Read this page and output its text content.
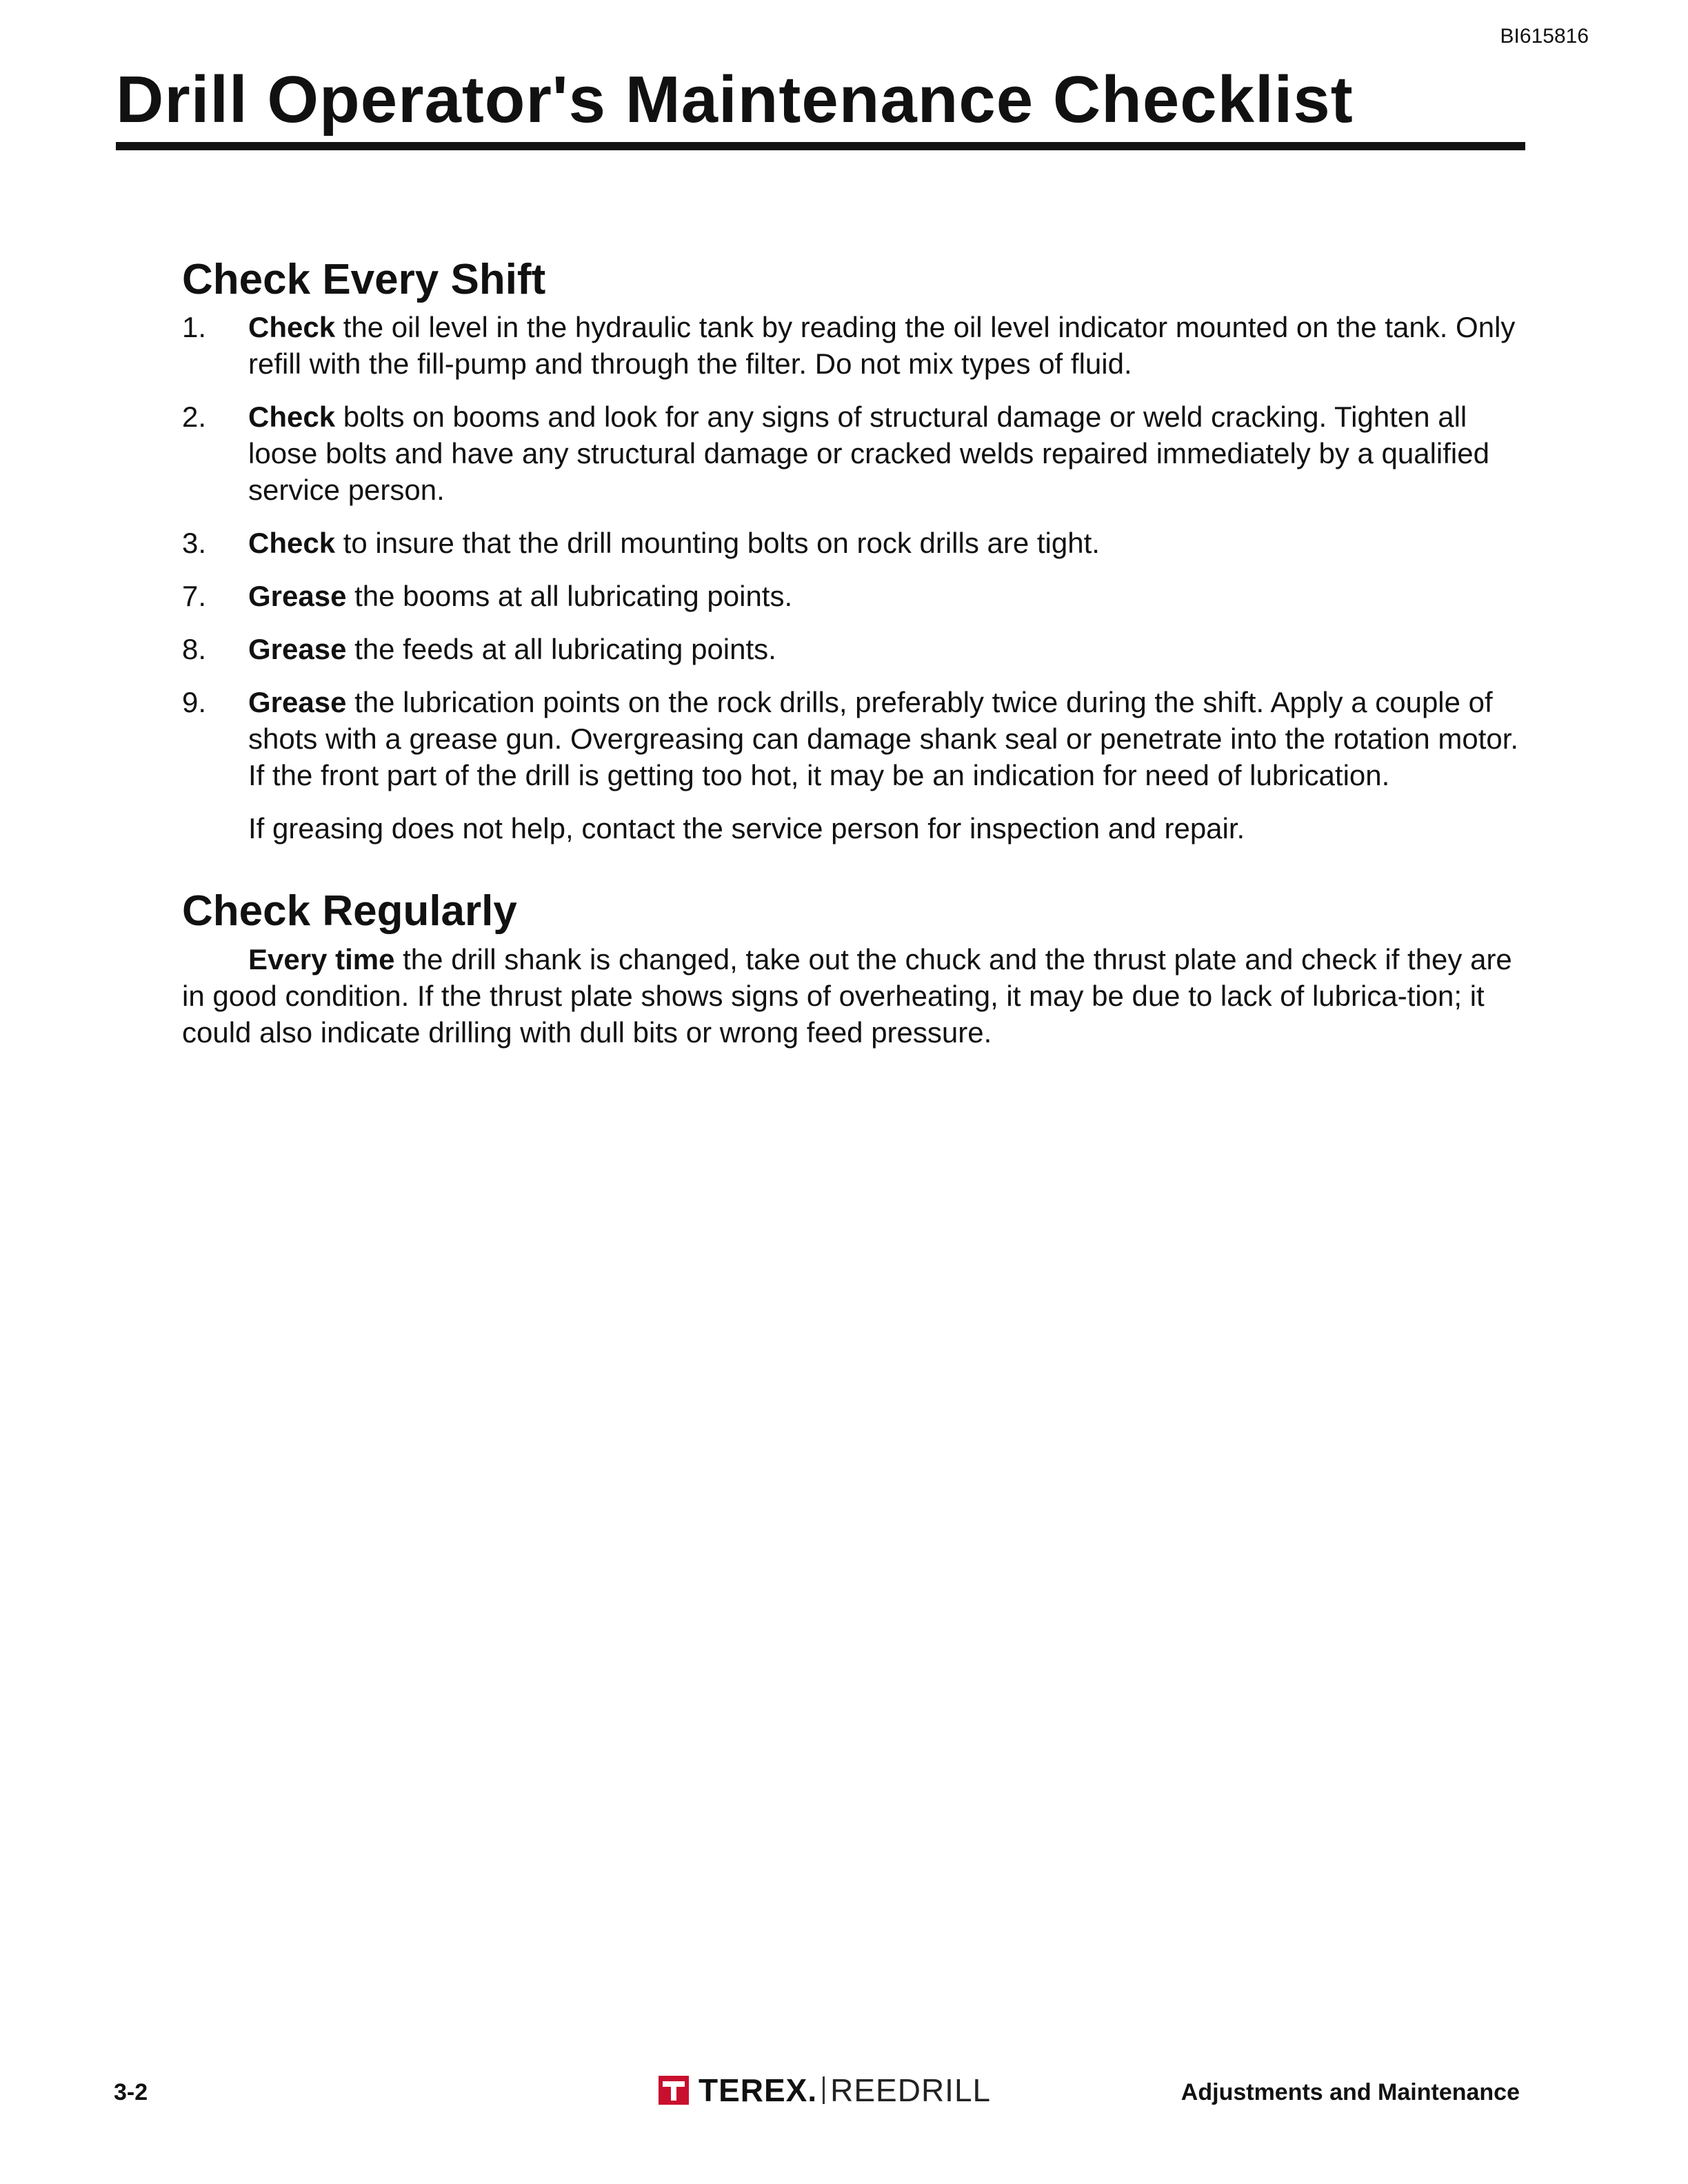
BI615816
Drill Operator's Maintenance Checklist
Check Every Shift
1. Check the oil level in the hydraulic tank by reading the oil level indicator mounted on the tank. Only refill with the fill-pump and through the filter. Do not mix types of fluid.
2. Check bolts on booms and look for any signs of structural damage or weld cracking. Tighten all loose bolts and have any structural damage or cracked welds repaired immediately by a qualified service person.
3. Check to insure that the drill mounting bolts on rock drills are tight.
7. Grease the booms at all lubricating points.
8. Grease the feeds at all lubricating points.
9. Grease the lubrication points on the rock drills, preferably twice during the shift. Apply a couple of shots with a grease gun. Overgreasing can damage shank seal or penetrate into the rotation motor. If the front part of the drill is getting too hot, it may be an indication for need of lubrication.
If greasing does not help, contact the service person for inspection and repair.
Check Regularly

Every time the drill shank is changed, take out the chuck and the thrust plate and check if they are in good condition. If the thrust plate shows signs of overheating, it may be due to lack of lubrica-tion; it could also indicate drilling with dull bits or wrong feed pressure.

3-2	TEREX. REEDRILL	Adjustments and Maintenance
